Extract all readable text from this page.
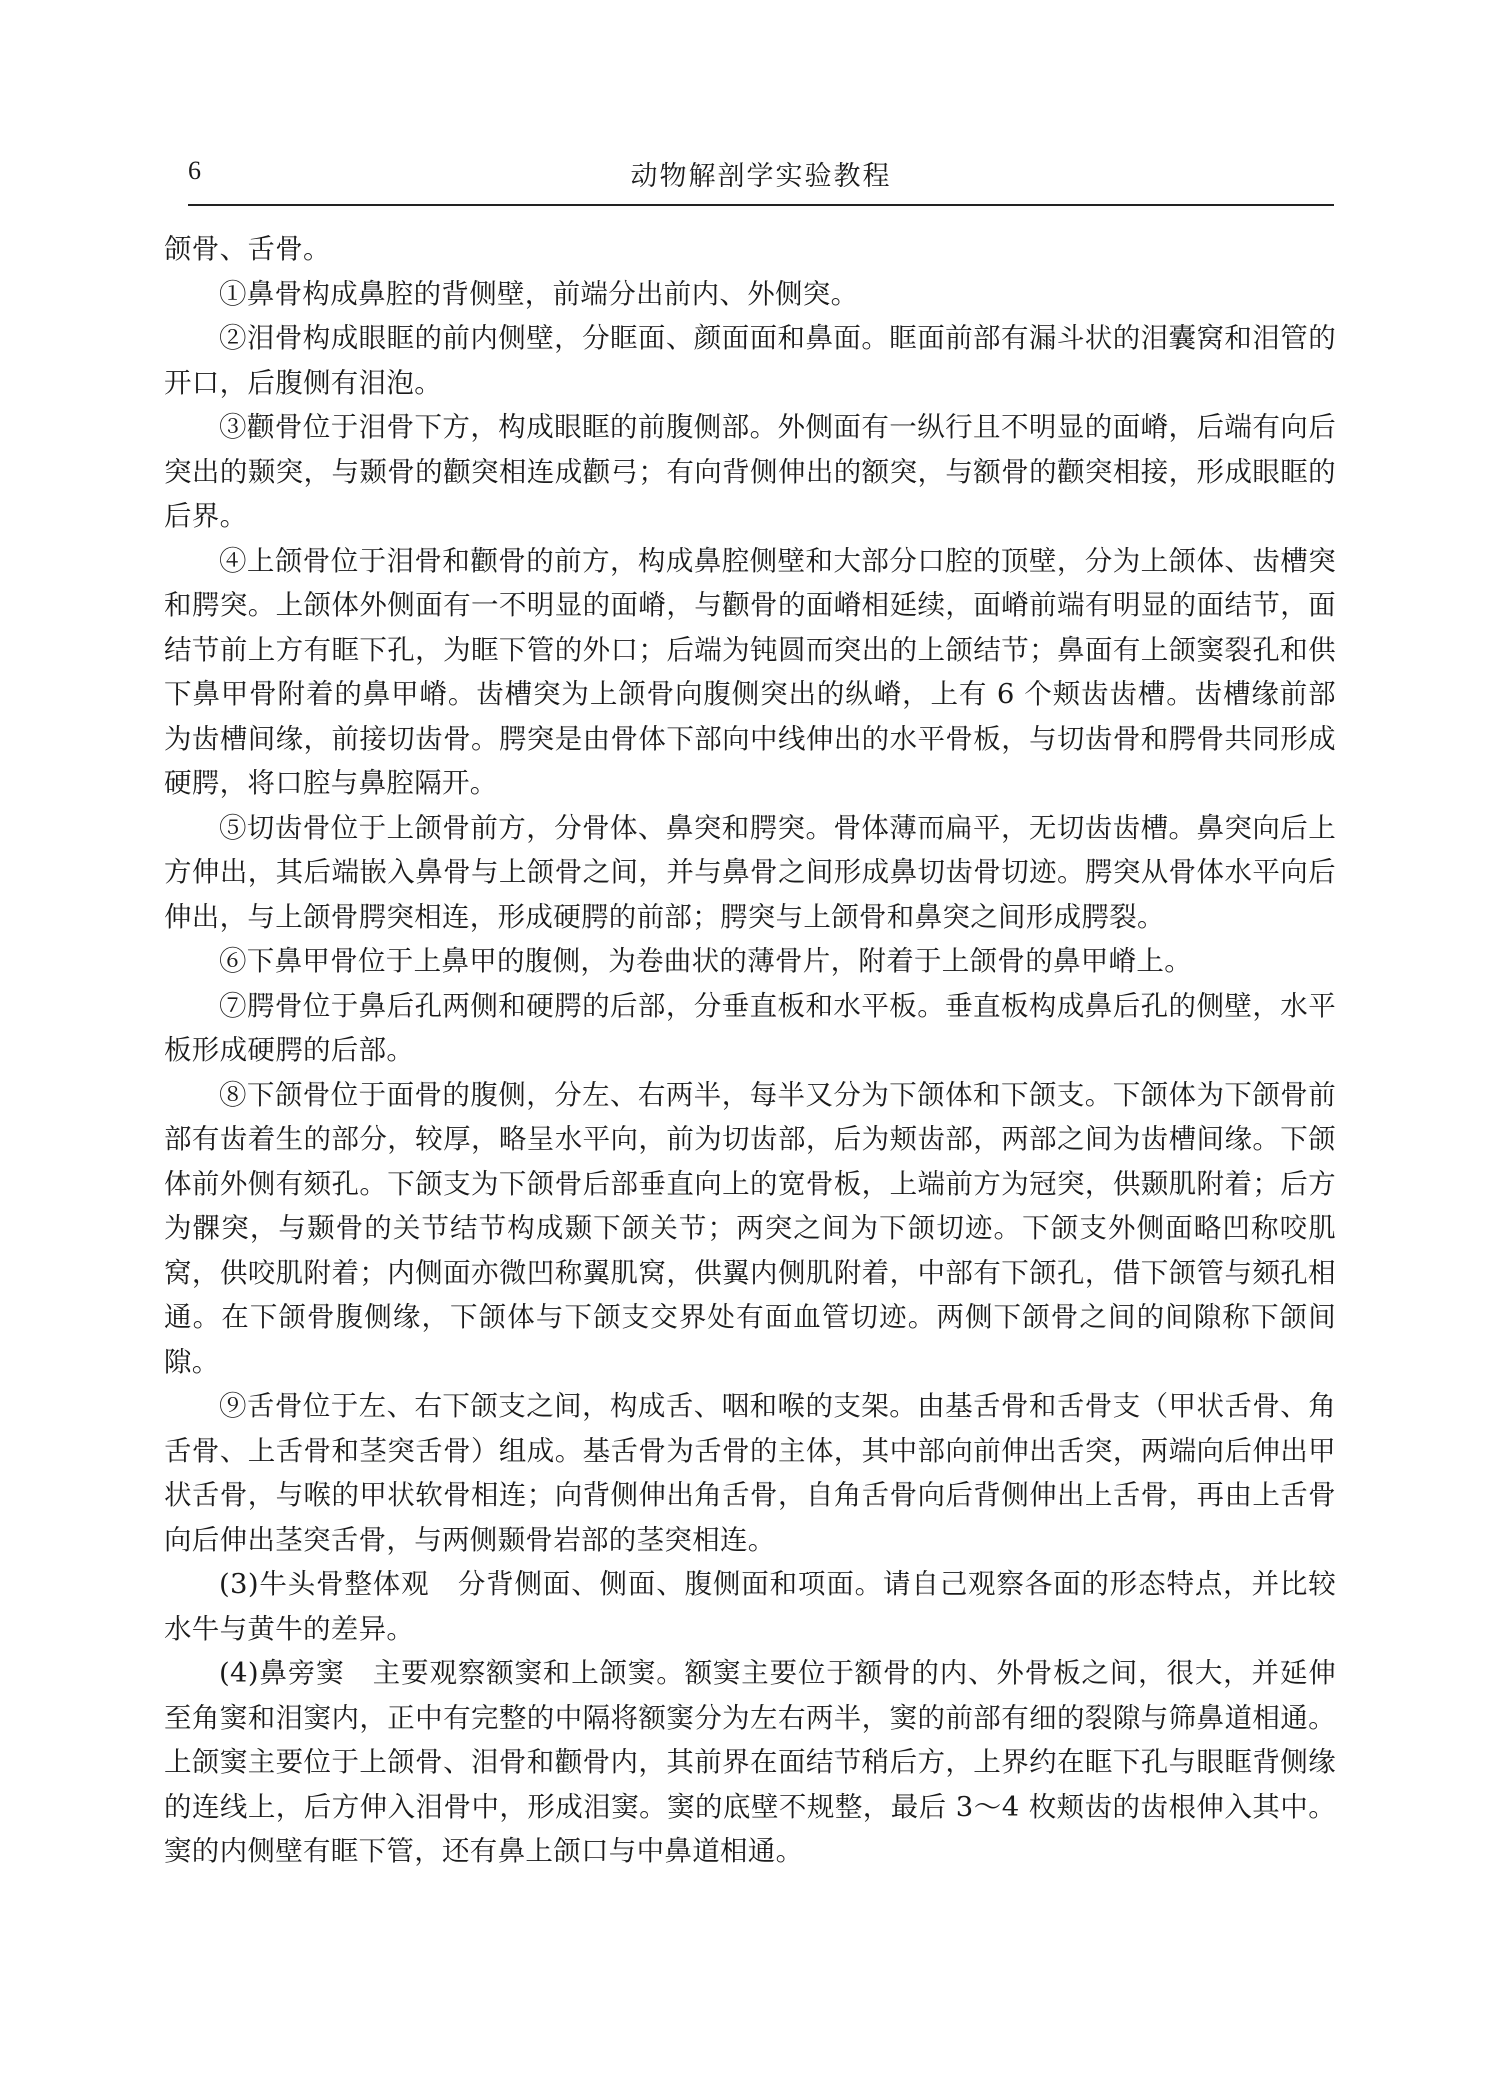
6	动物解剖学实验教程

颌骨、舌骨。

①鼻骨构成鼻腔的背侧壁，前端分出前内、外侧突。

②泪骨构成眼眶的前内侧壁，分眶面、颜面面和鼻面。眶面前部有漏斗状的泪囊窝和泪管的开口，后腹侧有泪泡。

③颧骨位于泪骨下方，构成眼眶的前腹侧部。外侧面有一纵行且不明显的面嵴，后端有向后突出的颞突，与颞骨的颧突相连成颧弓；有向背侧伸出的额突，与额骨的颧突相接，形成眼眶的后界。

④上颌骨位于泪骨和颧骨的前方，构成鼻腔侧壁和大部分口腔的顶壁，分为上颌体、齿槽突和腭突。上颌体外侧面有一不明显的面嵴，与颧骨的面嵴相延续，面嵴前端有明显的面结节，面结节前上方有眶下孔，为眶下管的外口；后端为钝圆而突出的上颌结节；鼻面有上颌窦裂孔和供下鼻甲骨附着的鼻甲嵴。齿槽突为上颌骨向腹侧突出的纵嵴，上有 6 个颊齿齿槽。齿槽缘前部为齿槽间缘，前接切齿骨。腭突是由骨体下部向中线伸出的水平骨板，与切齿骨和腭骨共同形成硬腭，将口腔与鼻腔隔开。

⑤切齿骨位于上颌骨前方，分骨体、鼻突和腭突。骨体薄而扁平，无切齿齿槽。鼻突向后上方伸出，其后端嵌入鼻骨与上颌骨之间，并与鼻骨之间形成鼻切齿骨切迹。腭突从骨体水平向后伸出，与上颌骨腭突相连，形成硬腭的前部；腭突与上颌骨和鼻突之间形成腭裂。

⑥下鼻甲骨位于上鼻甲的腹侧，为卷曲状的薄骨片，附着于上颌骨的鼻甲嵴上。

⑦腭骨位于鼻后孔两侧和硬腭的后部，分垂直板和水平板。垂直板构成鼻后孔的侧壁，水平板形成硬腭的后部。

⑧下颌骨位于面骨的腹侧，分左、右两半，每半又分为下颌体和下颌支。下颌体为下颌骨前部有齿着生的部分，较厚，略呈水平向，前为切齿部，后为颊齿部，两部之间为齿槽间缘。下颌体前外侧有颏孔。下颌支为下颌骨后部垂直向上的宽骨板，上端前方为冠突，供颞肌附着；后方为髁突，与颞骨的关节结节构成颞下颌关节；两突之间为下颌切迹。下颌支外侧面略凹称咬肌窝，供咬肌附着；内侧面亦微凹称翼肌窝，供翼内侧肌附着，中部有下颌孔，借下颌管与颏孔相通。在下颌骨腹侧缘，下颌体与下颌支交界处有面血管切迹。两侧下颌骨之间的间隙称下颌间隙。

⑨舌骨位于左、右下颌支之间，构成舌、咽和喉的支架。由基舌骨和舌骨支（甲状舌骨、角舌骨、上舌骨和茎突舌骨）组成。基舌骨为舌骨的主体，其中部向前伸出舌突，两端向后伸出甲状舌骨，与喉的甲状软骨相连；向背侧伸出角舌骨，自角舌骨向后背侧伸出上舌骨，再由上舌骨向后伸出茎突舌骨，与两侧颞骨岩部的茎突相连。

(3)牛头骨整体观　分背侧面、侧面、腹侧面和项面。请自己观察各面的形态特点，并比较水牛与黄牛的差异。

(4)鼻旁窦　主要观察额窦和上颌窦。额窦主要位于额骨的内、外骨板之间，很大，并延伸至角窦和泪窦内，正中有完整的中隔将额窦分为左右两半，窦的前部有细的裂隙与筛鼻道相通。上颌窦主要位于上颌骨、泪骨和颧骨内，其前界在面结节稍后方，上界约在眶下孔与眼眶背侧缘的连线上，后方伸入泪骨中，形成泪窦。窦的底壁不规整，最后 3～4 枚颊齿的齿根伸入其中。窦的内侧壁有眶下管，还有鼻上颌口与中鼻道相通。
